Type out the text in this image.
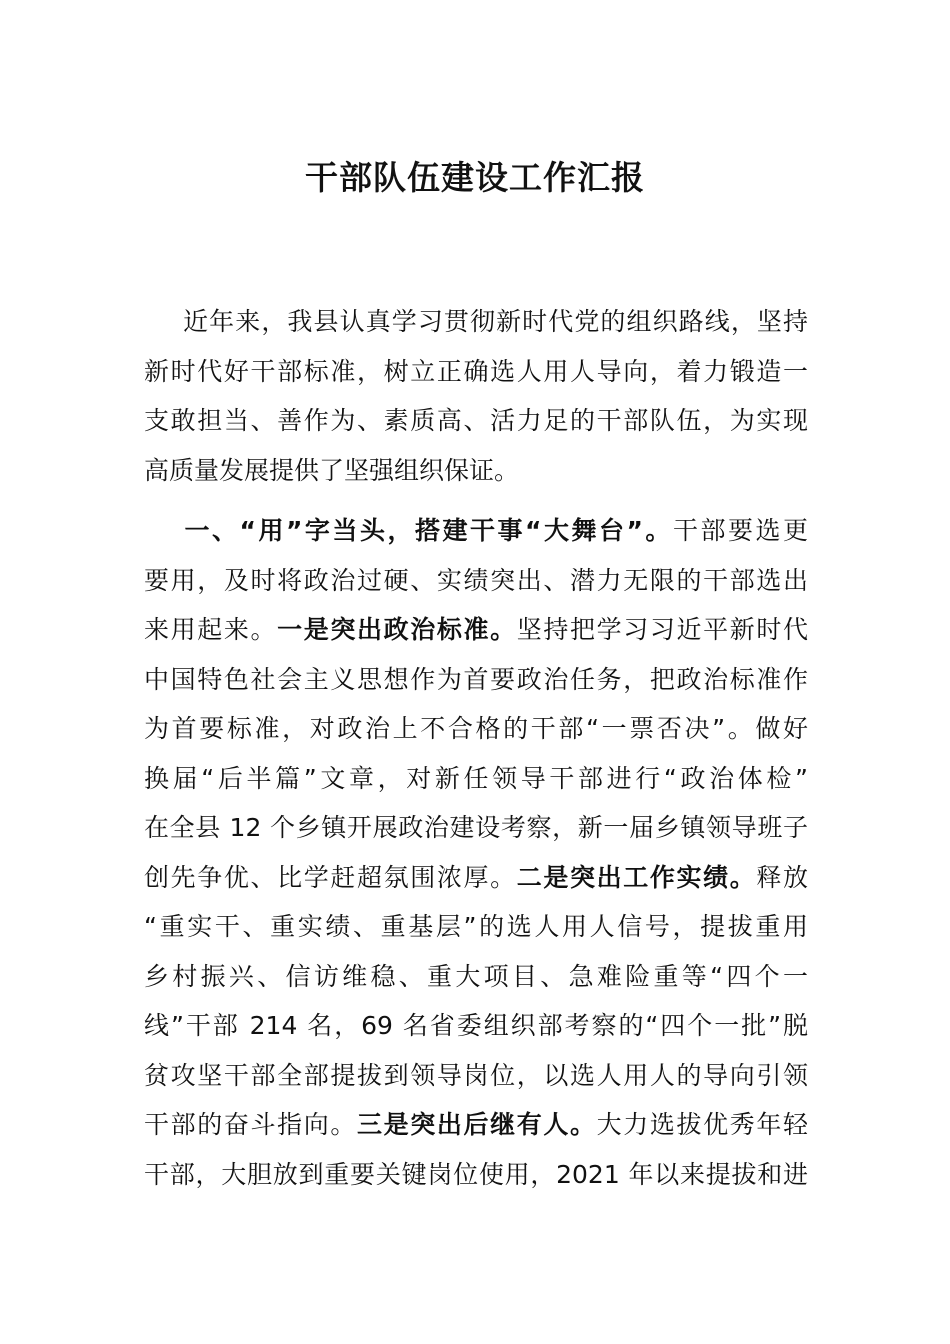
干部队伍建设工作汇报
近年来，我县认真学习贯彻新时代党的组织路线，坚持
新时代好干部标准，树立正确选人用人导向，着力锻造一
支敢担当、善作为、素质高、活力足的干部队伍，为实现
高质量发展提供了坚强组织保证。
一、“用”字当头，搭建干事“大舞台”。干部要选更
要用，及时将政治过硬、实绩突出、潜力无限的干部选出
来用起来。一是突出政治标准。坚持把学习习近平新时代
中国特色社会主义思想作为首要政治任务，把政治标准作
为首要标准，对政治上不合格的干部“一票否决”。做好
换届“后半篇”文章，对新任领导干部进行“政治体检”
在全县 12 个乡镇开展政治建设考察，新一届乡镇领导班子
创先争优、比学赶超氛围浓厚。二是突出工作实绩。释放
“重实干、重实绩、重基层”的选人用人信号，提拔重用
乡村振兴、信访维稳、重大项目、急难险重等“四个一
线”干部 214 名，69 名省委组织部考察的“四个一批”脱
贫攻坚干部全部提拔到领导岗位，以选人用人的导向引领
干部的奋斗指向。三是突出后继有人。大力选拔优秀年轻
干部，大胆放到重要关键岗位使用，2021 年以来提拔和进
